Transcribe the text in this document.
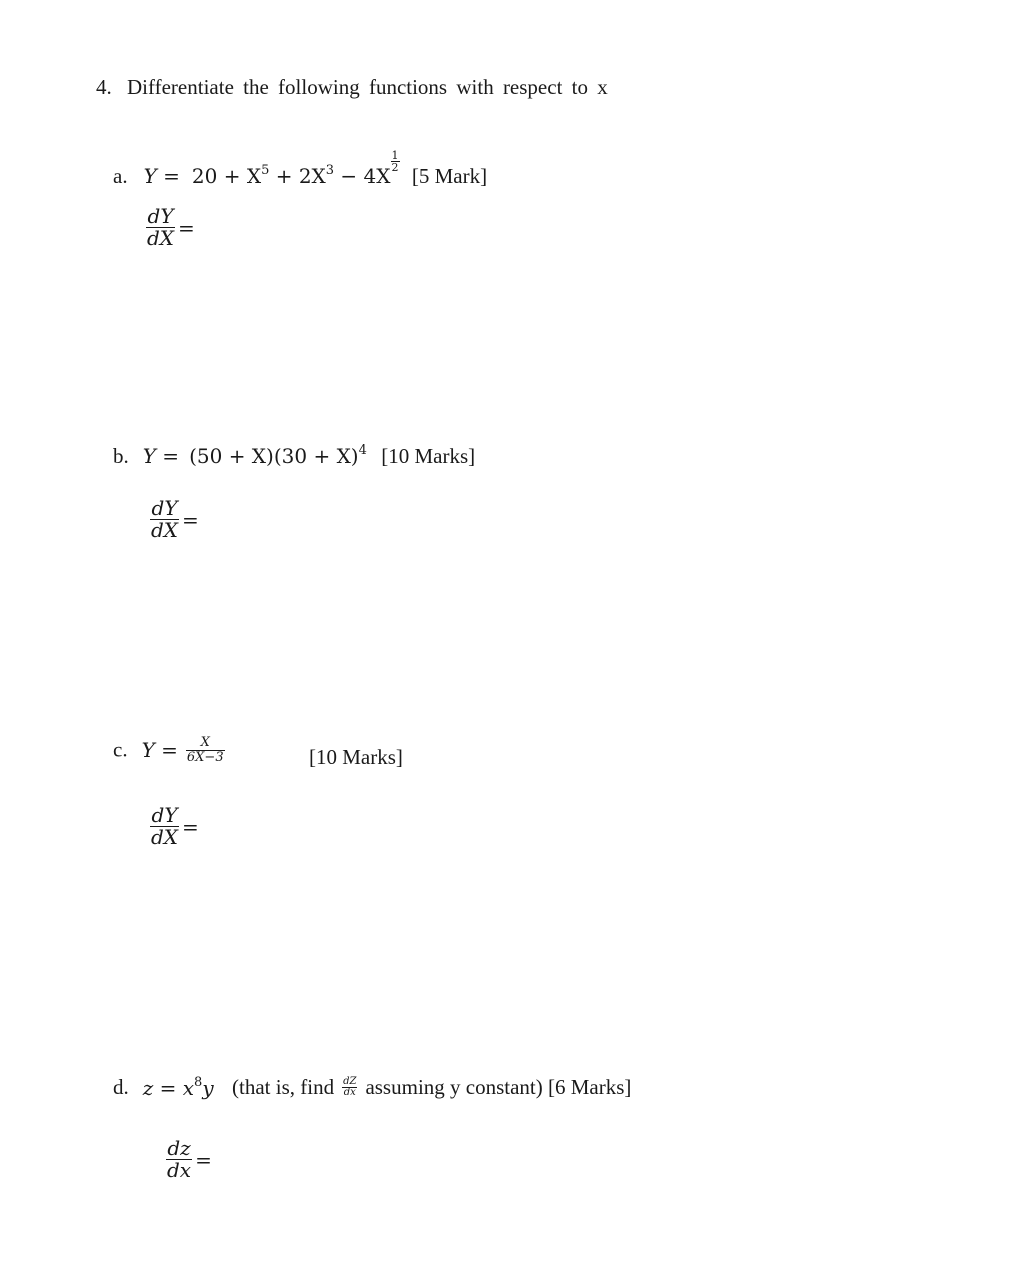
4. Differentiate the following functions with respect to x
a. $Y = 20 + X^5 + 2X^3 - 4X$
$\frac{1}{2}$
[5 Mark]
$\frac{dY}{dX}$ =
b. $Y = (50 + X)(30 + X)^4$ [10 Marks]
$\frac{dY}{dX}$ =
c. $Y = \frac{X}{6X-3}$	[10 Marks]
$\frac{dY}{dX}$ =
d. $z = x^8y$ (that is, find $\frac{dZ}{dx}$ assuming y constant) [6 Marks]
$\frac{dz}{dx}$ =
